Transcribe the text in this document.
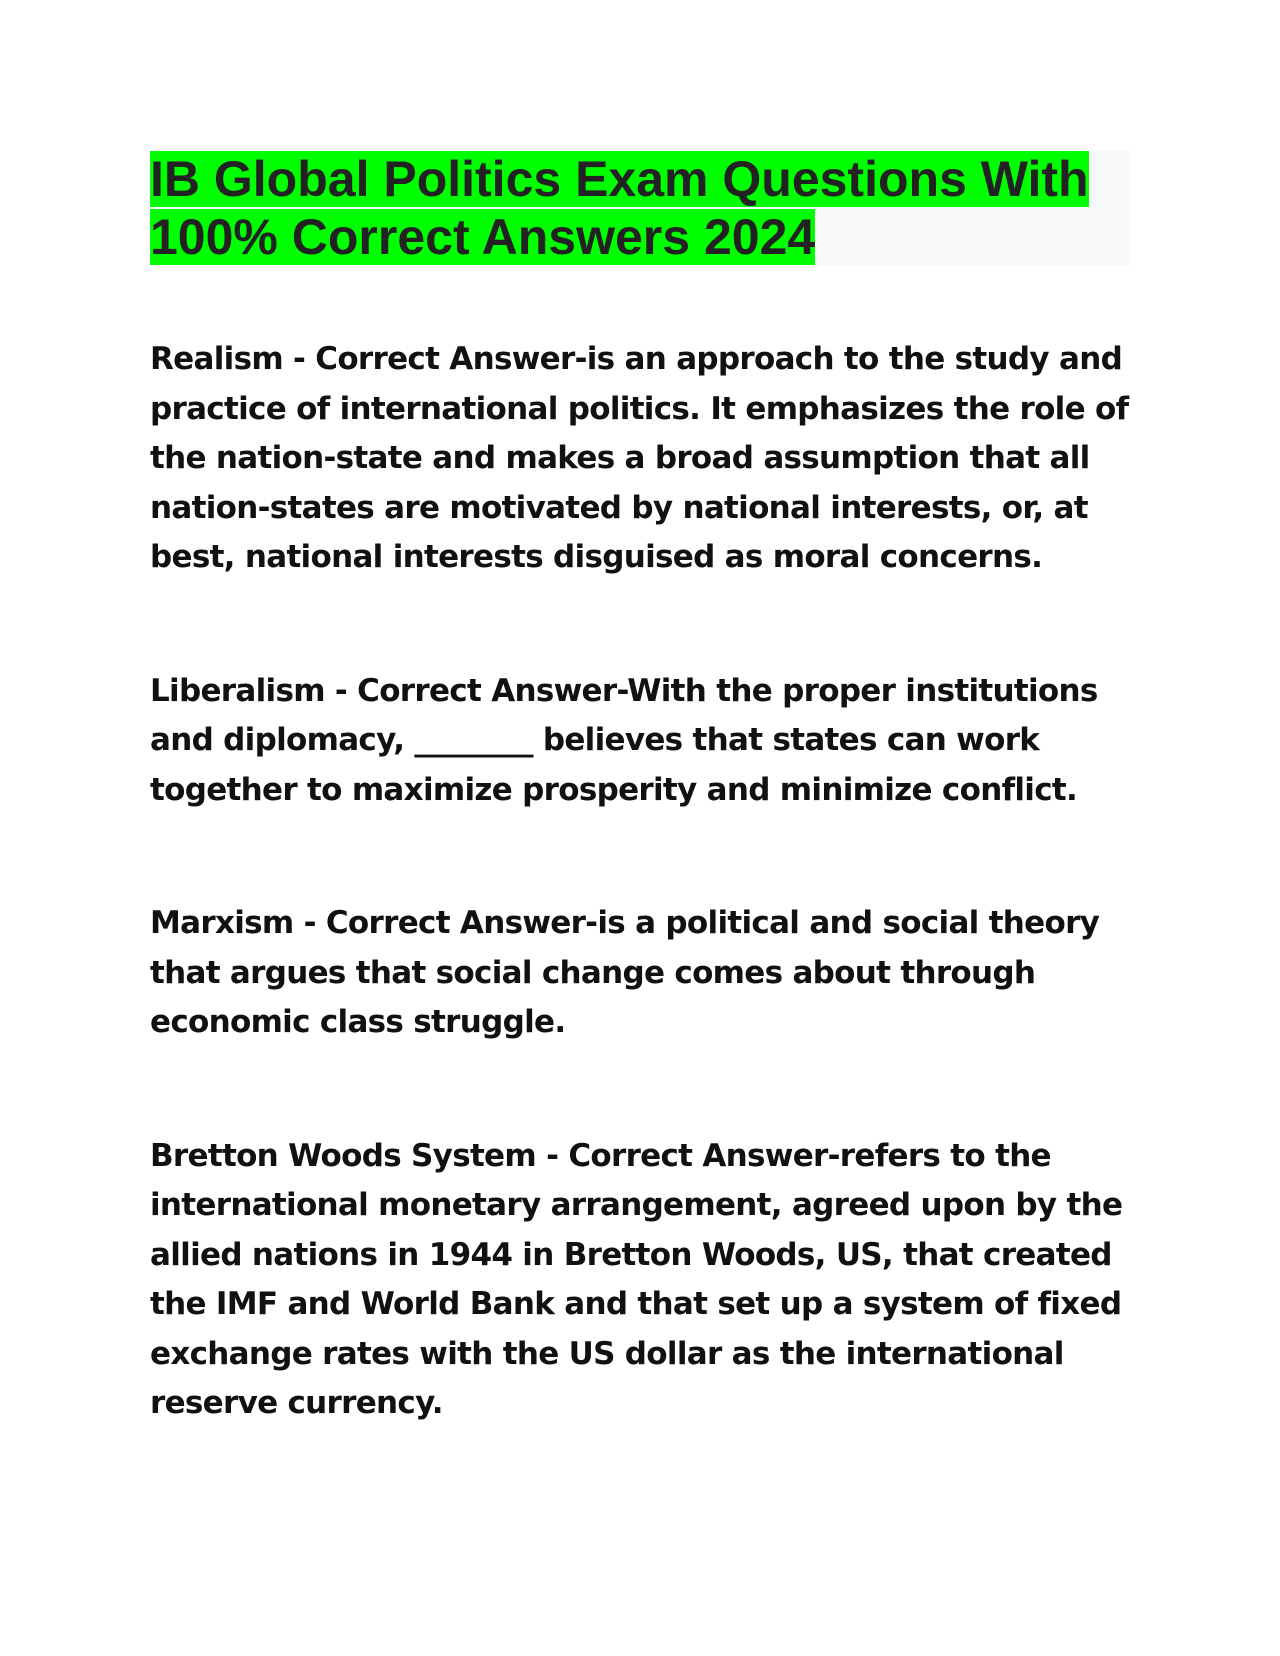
IB Global Politics Exam Questions With 100% Correct Answers 2024

Realism - Correct Answer-is an approach to the study and practice of international politics. It emphasizes the role of the nation-state and makes a broad assumption that all nation-states are motivated by national interests, or, at best, national interests disguised as moral concerns.

Liberalism - Correct Answer-With the proper institutions and diplomacy, ________ believes that states can work together to maximize prosperity and minimize conflict.

Marxism - Correct Answer-is a political and social theory that argues that social change comes about through economic class struggle.

Bretton Woods System - Correct Answer-refers to the international monetary arrangement, agreed upon by the allied nations in 1944 in Bretton Woods, US, that created the IMF and World Bank and that set up a system of fixed exchange rates with the US dollar as the international reserve currency.
